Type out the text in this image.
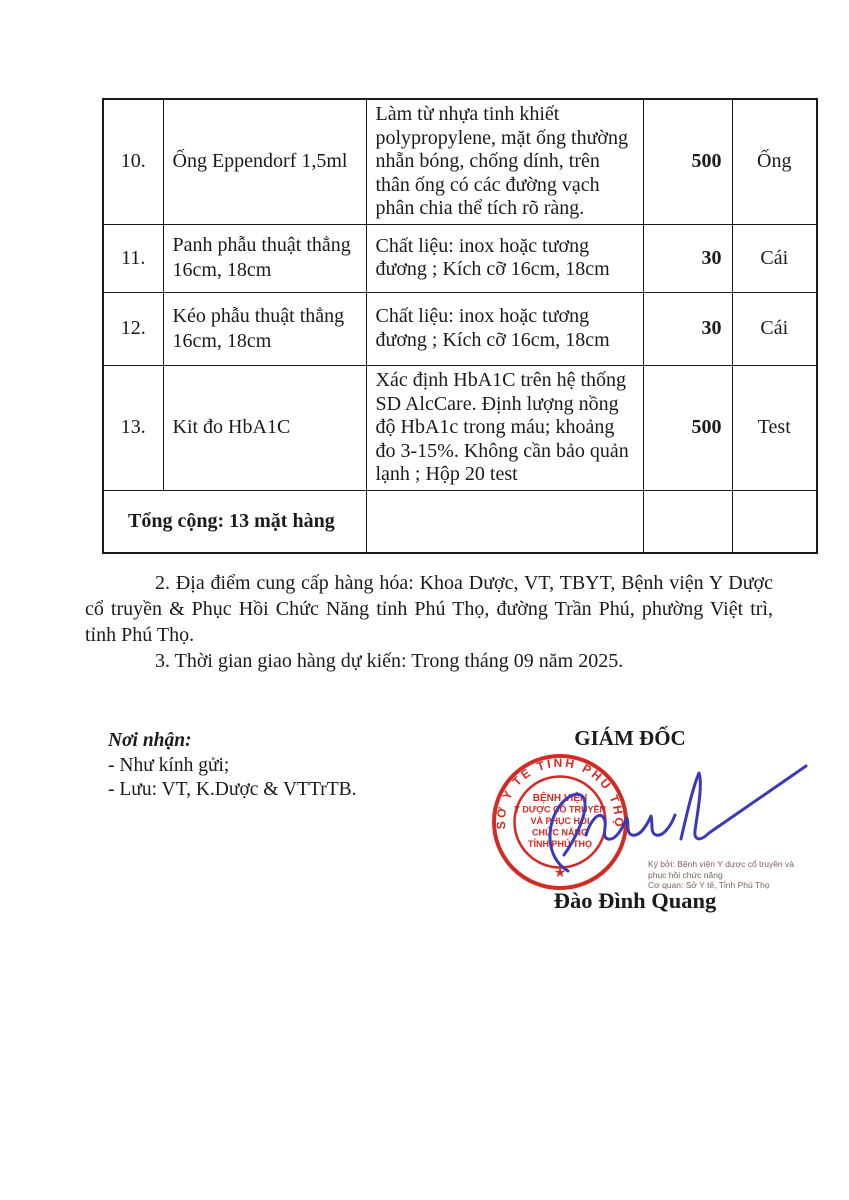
10.	Ống Eppendorf 1,5ml	Làm từ nhựa tinh khiết polypropylene, mặt ống thường nhẵn bóng, chống dính, trên thân ống có các đường vạch phân chia thể tích rõ ràng.	500	Ống
11.	Panh phẫu thuật thẳng 16cm, 18cm	Chất liệu: inox hoặc tương đương ; Kích cỡ 16cm, 18cm	30	Cái
12.	Kéo phẫu thuật thẳng 16cm, 18cm	Chất liệu: inox hoặc tương đương ; Kích cỡ 16cm, 18cm	30	Cái
13.	Kit đo HbA1C	Xác định HbA1C trên hệ thống SD AlcCare. Định lượng nồng độ HbA1c trong máu; khoảng đo 3-15%. Không cần bảo quản lạnh ; Hộp 20 test	500	Test
Tổng cộng: 13 mặt hàng				

2. Địa điểm cung cấp hàng hóa: Khoa Dược, VT, TBYT, Bệnh viện Y Dược cổ truyền & Phục Hồi Chức Năng tỉnh Phú Thọ, đường Trần Phú, phường Việt trì, tỉnh Phú Thọ.

3. Thời gian giao hàng dự kiến: Trong tháng 09 năm 2025.

Nơi nhận:
- Như kính gửi;
- Lưu: VT, K.Dược & VTTrTB.
GIÁM ĐỐC
SỞ Y TẾ TỈNH PHÚ THỌ
★
BỆNH VIỆN
Y DƯỢC CỔ TRUYỀN
VÀ PHỤC HỒI
CHỨC NĂNG
TỈNH PHÚ THỌ
Ký bởi: Bệnh viện Y dược cổ truyền và phục hồi chức năng
Cơ quan: Sở Y tế, Tỉnh Phú Thọ
Đào Đình Quang
